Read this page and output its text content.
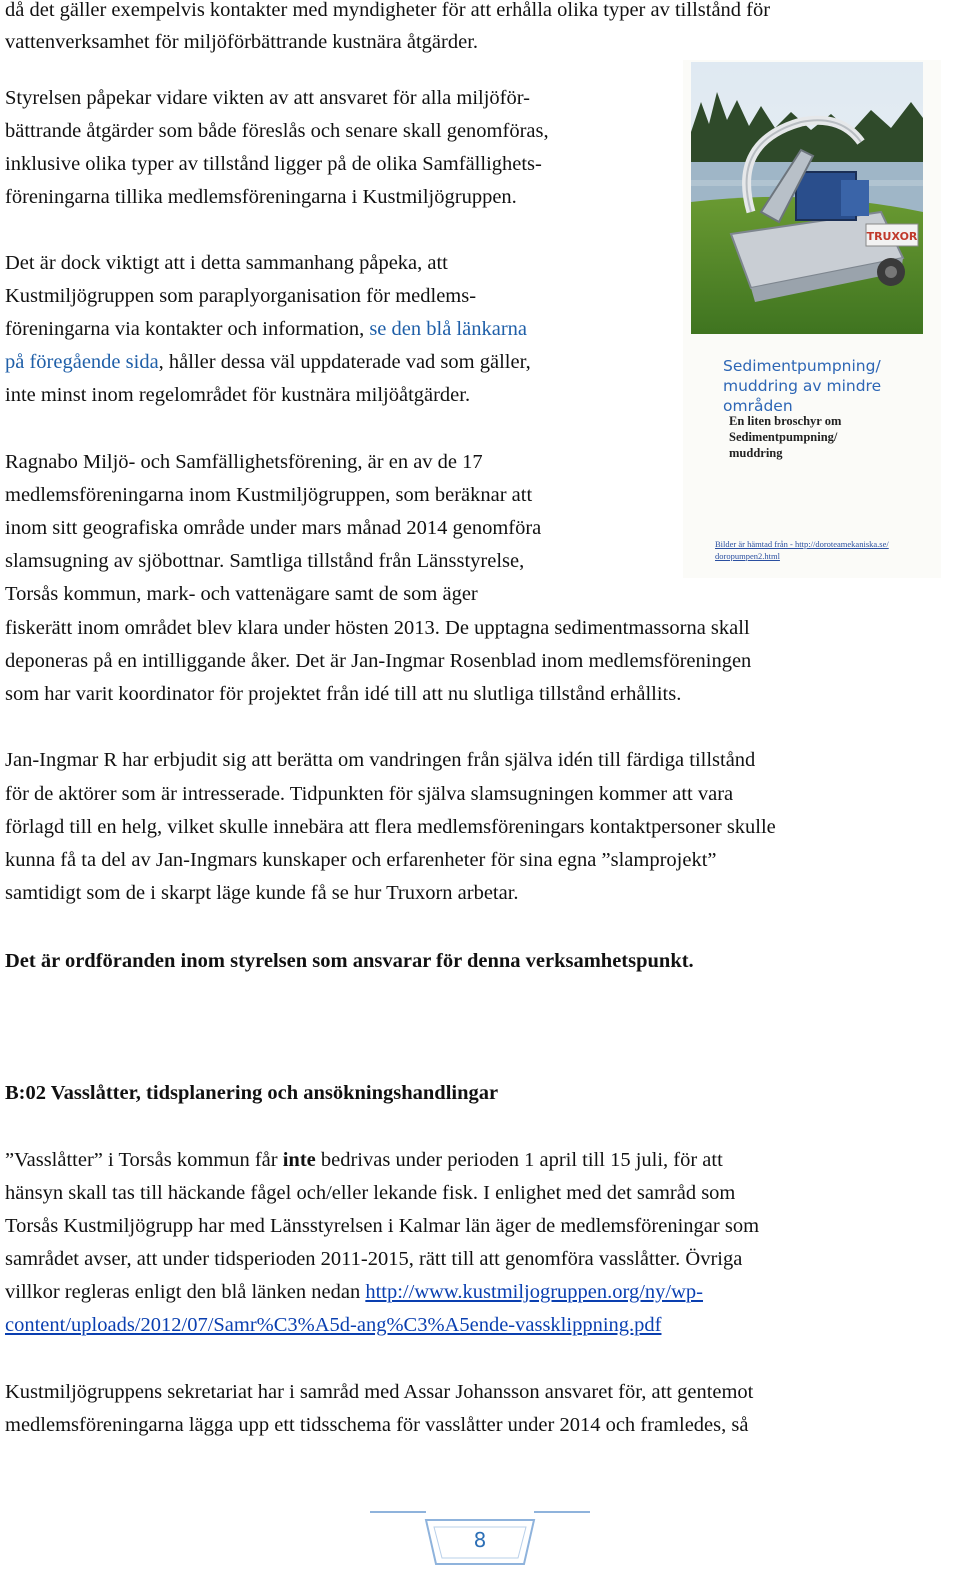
då det gäller exempelvis kontakter med myndigheter för att erhålla olika typer av tillstånd för

vattenverksamhet för miljöförbättrande kustnära åtgärder.

Styrelsen påpekar vidare vikten av att ansvaret för alla miljöför-

bättrande åtgärder som både föreslås och senare skall genomföras,

inklusive olika typer av tillstånd ligger på de olika Samfällighets-

föreningarna tillika medlemsföreningarna i Kustmiljögruppen.

Det är dock viktigt att i detta sammanhang påpeka, att

Kustmiljögruppen som paraplyorganisation för medlems-

föreningarna via kontakter och information, se den blå länkarna

på föregående sida, håller dessa väl uppdaterade vad som gäller,

inte minst inom regelområdet för kustnära miljöåtgärder.

Ragnabo Miljö- och Samfällighetsförening, är en av de 17

medlemsföreningarna inom Kustmiljögruppen, som beräknar att

inom sitt geografiska område under mars månad 2014 genomföra

slamsugning av sjöbottnar. Samtliga tillstånd från Länsstyrelse,

Torsås kommun, mark- och vattenägare samt de som äger

fiskerätt inom området blev klara under hösten 2013. De upptagna sedimentmassorna skall

deponeras på en intilliggande åker. Det är Jan-Ingmar Rosenblad inom medlemsföreningen

som har varit koordinator för projektet från idé till att nu slutliga tillstånd erhållits.

Jan-Ingmar R har erbjudit sig att berätta om vandringen från själva idén till färdiga tillstånd

för de aktörer som är intresserade. Tidpunkten för själva slamsugningen kommer att vara

förlagd till en helg, vilket skulle innebära att flera medlemsföreningars kontaktpersoner skulle

kunna få ta del av Jan-Ingmars kunskaper och erfarenheter för sina egna ”slamprojekt”

samtidigt som de i skarpt läge kunde få se hur Truxorn arbetar.

Det är ordföranden inom styrelsen som ansvarar för denna verksamhetspunkt.

B:02 Vasslåtter, tidsplanering och ansökningshandlingar

”Vasslåtter” i Torsås kommun får inte bedrivas under perioden 1 april till 15 juli, för att

hänsyn skall tas till häckande fågel och/eller lekande fisk. I enlighet med det samråd som

Torsås Kustmiljögrupp har med Länsstyrelsen i Kalmar län äger de medlemsföreningar som

samrådet avser, att under tidsperioden 2011-2015, rätt till att genomföra vasslåtter. Övriga

villkor regleras enligt den blå länken nedan http://www.kustmiljogruppen.org/ny/wp-

content/uploads/2012/07/Samr%C3%A5d-ang%C3%A5ende-vassklippning.pdf

Kustmiljögruppens sekretariat har i samråd med Assar Johansson ansvaret för, att gentemot

medlemsföreningarna lägga upp ett tidsschema för vasslåtter under 2014 och framledes, så

TRUXOR
Sedimentpumpning/
muddring av mindre
områden
En liten broschyr om
Sedimentpumpning/
muddring
Bilder är hämtad från - http://doroteamekaniska.se/
doropumpen2.html
8
